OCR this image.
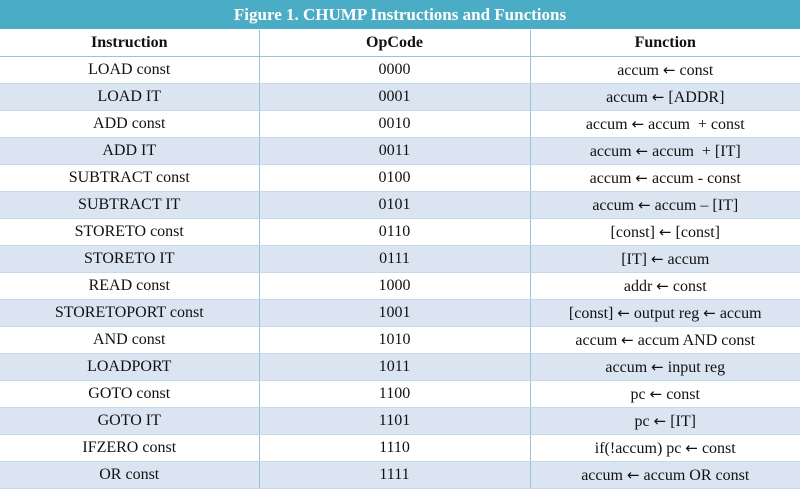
Figure 1. CHUMP Instructions and Functions
Instruction	OpCode	Function
LOAD const	0000	accum ← const
LOAD IT	0001	accum ← [ADDR]
ADD const	0010	accum ← accum  + const
ADD IT	0011	accum ← accum  + [IT]
SUBTRACT const	0100	accum ← accum - const
SUBTRACT IT	0101	accum ← accum – [IT]
STORETO const	0110	[const] ← [const]
STORETO IT	0111	[IT] ← accum
READ const	1000	addr ← const
STORETOPORT const	1001	[const] ← output reg ← accum
AND const	1010	accum ← accum AND const
LOADPORT	1011	accum ← input reg
GOTO const	1100	pc ← const
GOTO IT	1101	pc ← [IT]
IFZERO const	1110	if(!accum) pc ← const
OR const	1111	accum ← accum OR const
